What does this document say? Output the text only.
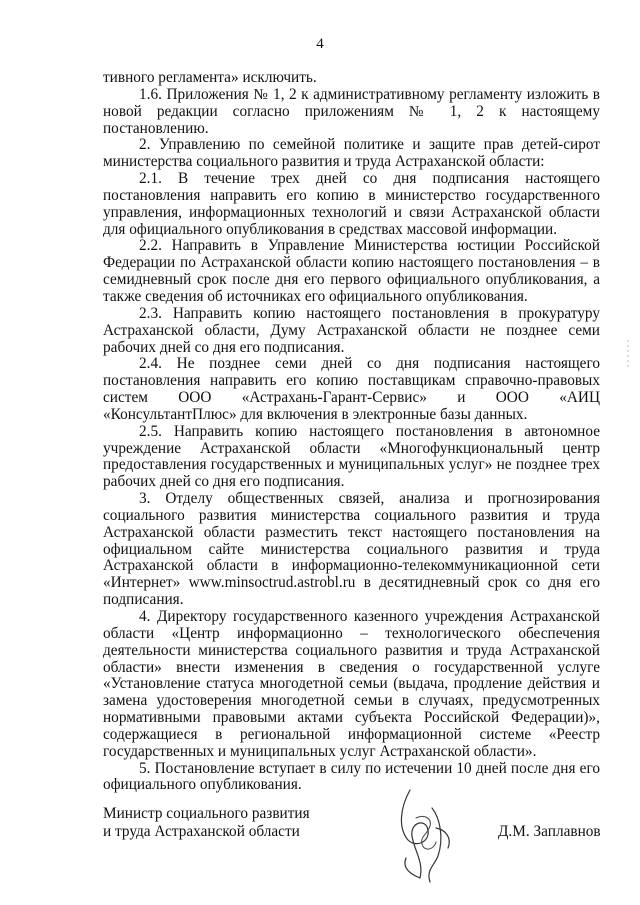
4

тивного регламента» исключить.

1.6. Приложения № 1, 2 к административному регламенту изложить в новой редакции согласно приложениям № 1, 2 к настоящему постановлению.

2. Управлению по семейной политике и защите прав детей-сирот министерства социального развития и труда Астраханской области:

2.1. В течение трех дней со дня подписания настоящего постановления направить его копию в министерство государственного управления, информационных технологий и связи Астраханской области для официального опубликования в средствах массовой информации.

2.2. Направить в Управление Министерства юстиции Российской Федерации по Астраханской области копию настоящего постановления – в семидневный срок после дня его первого официального опубликования, а также сведения об источниках его официального опубликования.

2.3. Направить копию настоящего постановления в прокуратуру Астраханской области, Думу Астраханской области не позднее семи рабочих дней со дня его подписания.

2.4. Не позднее семи дней со дня подписания настоящего постановления направить его копию поставщикам справочно-правовых систем ООО «Астрахань-Гарант-Сервис» и ООО «АИЦ «КонсультантПлюс» для включения в электронные базы данных.

2.5. Направить копию настоящего постановления в автономное учреждение Астраханской области «Многофункциональный центр предоставления государственных и муниципальных услуг» не позднее трех рабочих дней со дня его подписания.

3. Отделу общественных связей, анализа и прогнозирования социального развития министерства социального развития и труда Астраханской области разместить текст настоящего постановления на официальном сайте министерства социального развития и труда Астраханской области в информационно-телекоммуникационной сети «Интернет» www.minsoctrud.astrobl.ru в десятидневный срок со дня его подписания.

4. Директору государственного казенного учреждения Астраханской области «Центр информационно – технологического обеспечения деятельности министерства социального развития и труда Астраханской области» внести изменения в сведения о государственной услуге «Установление статуса многодетной семьи (выдача, продление действия и замена удостоверения многодетной семьи в случаях, предусмотренных нормативными правовыми актами субъекта Российской Федерации)», содержащиеся в региональной информационной системе «Реестр государственных и муниципальных услуг Астраханской области».

5. Постановление вступает в силу по истечении 10 дней после дня его официального опубликования.

Министр социального развития
и труда Астраханской области	Д.М. Заплавнов
